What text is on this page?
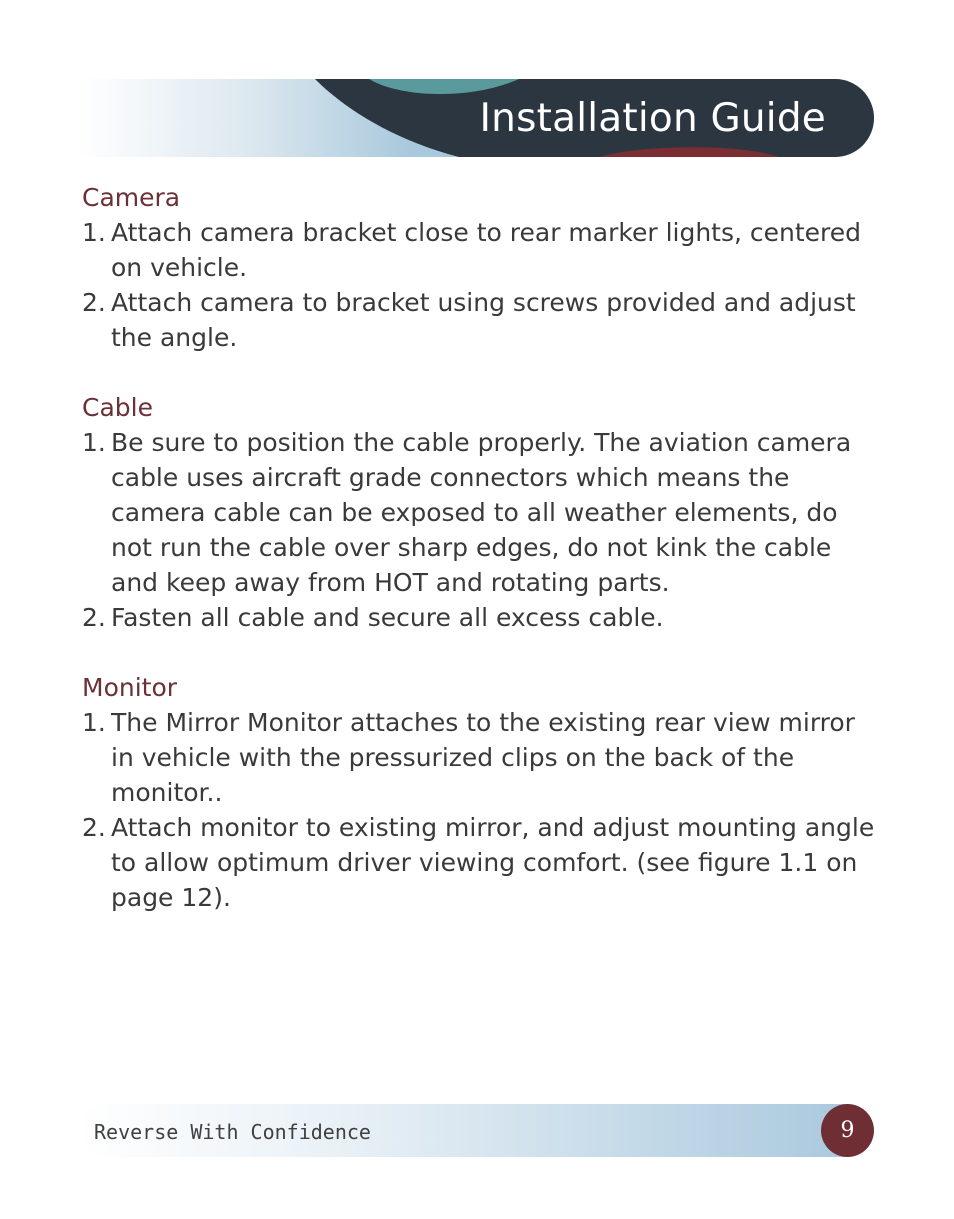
Installation Guide
Camera
1. Attach camera bracket close to rear marker lights, centered on vehicle.
2. Attach camera to bracket using screws provided and adjust the angle.
Cable
1. Be sure to position the cable properly. The aviation camera cable uses aircraft grade connectors which means the camera cable can be exposed to all weather elements, do not run the cable over sharp edges, do not kink the cable and keep away from HOT and rotating parts.
2. Fasten all cable and secure all excess cable.
Monitor
1. The Mirror Monitor attaches to the existing rear view mirror in vehicle with the pressurized clips on the back of the monitor..
2. Attach monitor to existing mirror, and adjust mounting angle to allow optimum driver viewing comfort. (see figure 1.1 on page 12).
Reverse With Confidence	9
